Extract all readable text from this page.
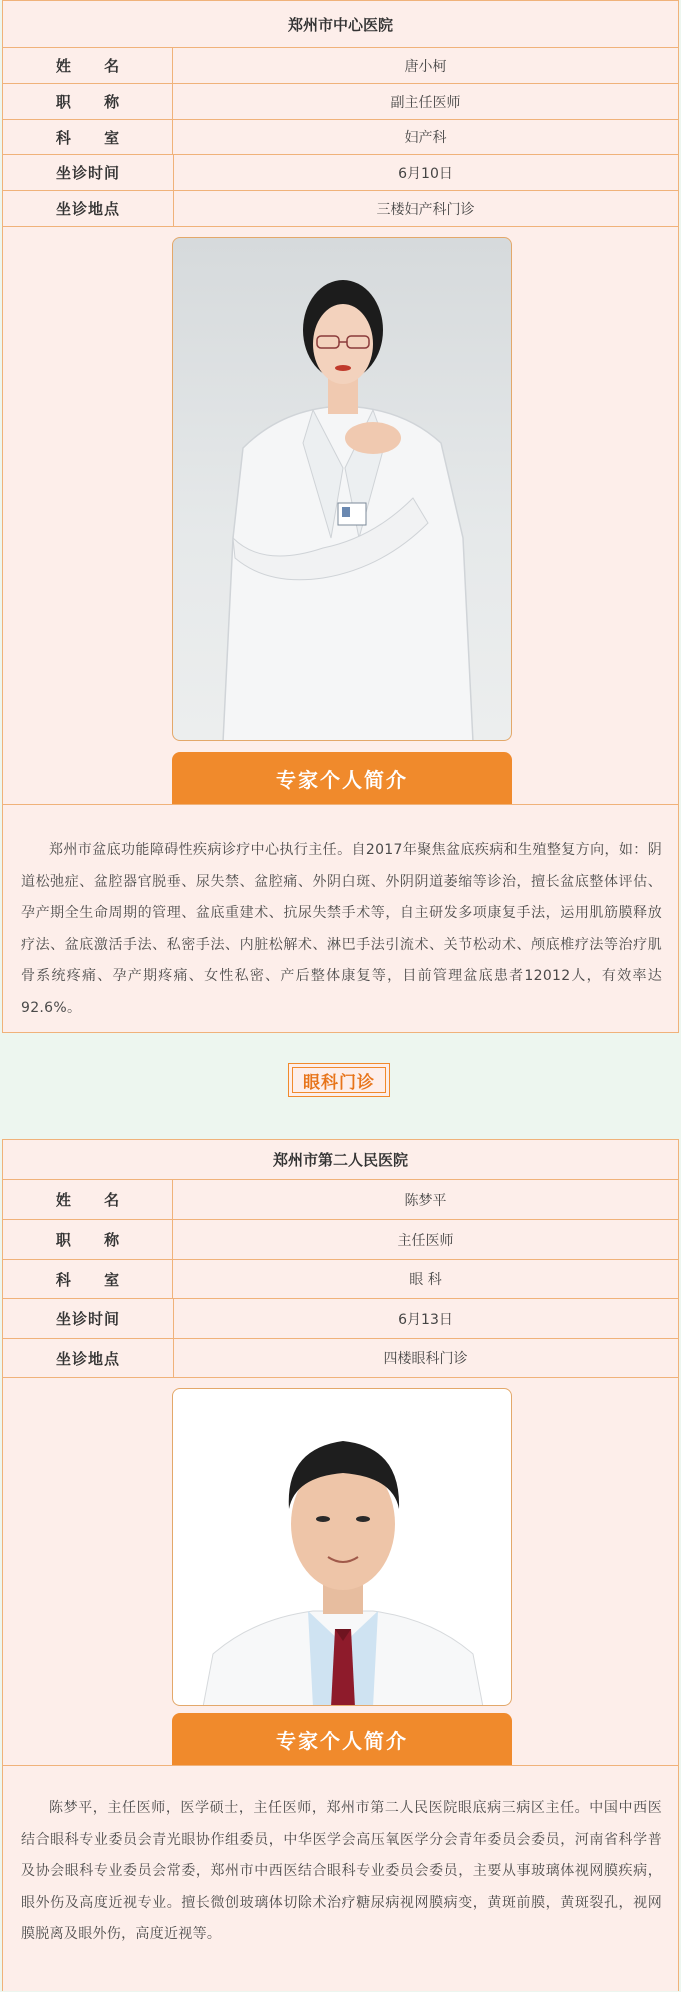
郑州市中心医院
姓 名	唐小柯
职 称	副主任医师
科 室	妇产科
坐诊时间	6月10日
坐诊地点	三楼妇产科门诊
专家个人简介
郑州市盆底功能障碍性疾病诊疗中心执行主任。自2017年聚焦盆底疾病和生殖整复方向，如：阴道松弛症、盆腔器官脱垂、尿失禁、盆腔痛、外阴白斑、外阴阴道萎缩等诊治，擅长盆底整体评估、孕产期全生命周期的管理、盆底重建术、抗尿失禁手术等，自主研发多项康复手法，运用肌筋膜释放疗法、盆底激活手法、私密手法、内脏松解术、淋巴手法引流术、关节松动术、颅底椎疗法等治疗肌骨系统疼痛、孕产期疼痛、女性私密、产后整体康复等，目前管理盆底患者12012人，有效率达92.6%。
眼科门诊
郑州市第二人民医院
姓 名	陈梦平
职 称	主任医师
科 室	眼 科
坐诊时间	6月13日
坐诊地点	四楼眼科门诊
专家个人简介
陈梦平，主任医师，医学硕士，主任医师，郑州市第二人民医院眼底病三病区主任。中国中西医结合眼科专业委员会青光眼协作组委员，中华医学会高压氧医学分会青年委员会委员，河南省科学普及协会眼科专业委员会常委，郑州市中西医结合眼科专业委员会委员，主要从事玻璃体视网膜疾病，眼外伤及高度近视专业。擅长微创玻璃体切除术治疗糖尿病视网膜病变，黄斑前膜，黄斑裂孔，视网膜脱离及眼外伤，高度近视等。
